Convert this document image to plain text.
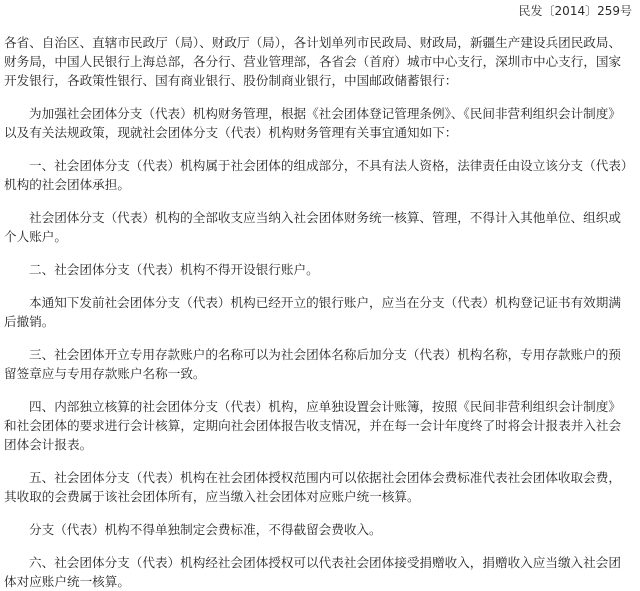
民发〔2014〕259号

各省、自治区、直辖市民政厅（局）、财政厅（局），各计划单列市民政局、财政局，新疆生产建设兵团民政局、财务局，中国人民银行上海总部，各分行、营业管理部，各省会（首府）城市中心支行，深圳市中心支行，国家开发银行，各政策性银行、国有商业银行、股份制商业银行，中国邮政储蓄银行：

为加强社会团体分支（代表）机构财务管理，根据《社会团体登记管理条例》、《民间非营利组织会计制度》以及有关法规政策，现就社会团体分支（代表）机构财务管理有关事宜通知如下：

一、社会团体分支（代表）机构属于社会团体的组成部分，不具有法人资格，法律责任由设立该分支（代表）机构的社会团体承担。

社会团体分支（代表）机构的全部收支应当纳入社会团体财务统一核算、管理，不得计入其他单位、组织或个人账户。

二、社会团体分支（代表）机构不得开设银行账户。

本通知下发前社会团体分支（代表）机构已经开立的银行账户，应当在分支（代表）机构登记证书有效期满后撤销。

三、社会团体开立专用存款账户的名称可以为社会团体名称后加分支（代表）机构名称，专用存款账户的预留签章应与专用存款账户名称一致。

四、内部独立核算的社会团体分支（代表）机构，应单独设置会计账簿，按照《民间非营利组织会计制度》和社会团体的要求进行会计核算，定期向社会团体报告收支情况，并在每一会计年度终了时将会计报表并入社会团体会计报表。

五、社会团体分支（代表）机构在社会团体授权范围内可以依据社会团体会费标准代表社会团体收取会费，其收取的会费属于该社会团体所有，应当缴入社会团体对应账户统一核算。

分支（代表）机构不得单独制定会费标准，不得截留会费收入。

六、社会团体分支（代表）机构经社会团体授权可以代表社会团体接受捐赠收入，捐赠收入应当缴入社会团体对应账户统一核算。
